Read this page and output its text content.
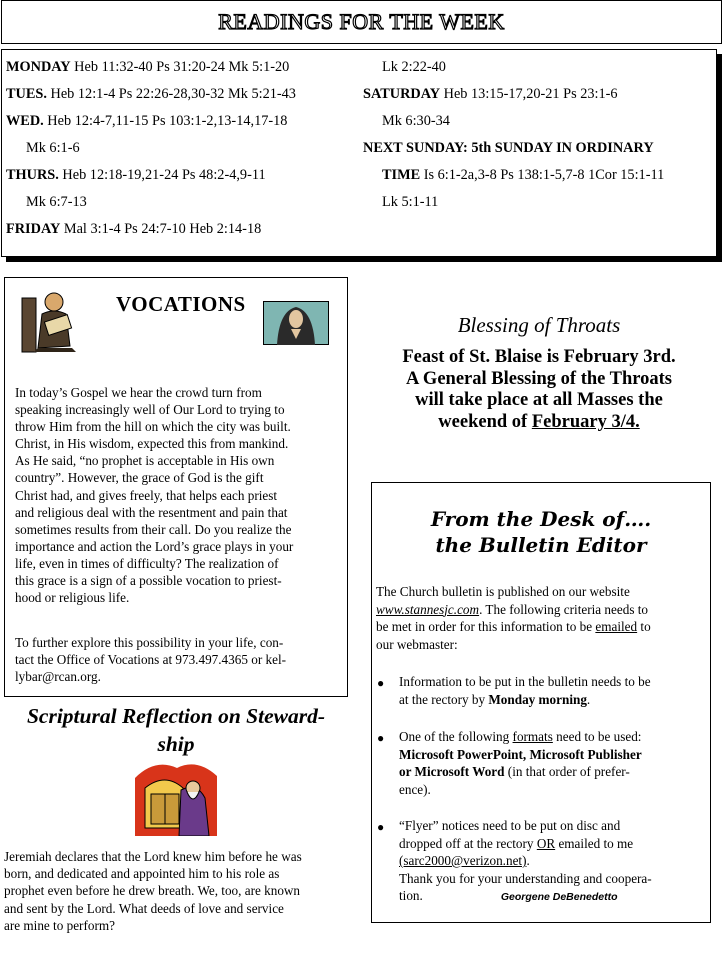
READINGS FOR THE WEEK
MONDAY Heb 11:32-40 Ps 31:20-24 Mk 5:1-20
TUES. Heb 12:1-4 Ps 22:26-28,30-32 Mk 5:21-43
WED. Heb 12:4-7,11-15 Ps 103:1-2,13-14,17-18
Mk 6:1-6
THURS. Heb 12:18-19,21-24 Ps 48:2-4,9-11
Mk 6:7-13
FRIDAY Mal 3:1-4 Ps 24:7-10 Heb 2:14-18
Lk 2:22-40
SATURDAY Heb 13:15-17,20-21 Ps 23:1-6
Mk 6:30-34
NEXT SUNDAY: 5th SUNDAY IN ORDINARY
TIME Is 6:1-2a,3-8 Ps 138:1-5,7-8 1Cor 15:1-11
Lk 5:1-11
VOCATIONS
In today’s Gospel we hear the crowd turn from
speaking increasingly well of Our Lord to trying to
throw Him from the hill on which the city was built.
Christ, in His wisdom, expected this from mankind.
As He said, “no prophet is acceptable in His own
country”. However, the grace of God is the gift
Christ had, and gives freely, that helps each priest
and religious deal with the resentment and pain that
sometimes results from their call. Do you realize the
importance and action the Lord’s grace plays in your
life, even in times of difficulty? The realization of
this grace is a sign of a possible vocation to priest-
hood or religious life.
To further explore this possibility in your life, con-
tact the Office of Vocations at 973.497.4365 or kel-
lybar@rcan.org.
Scriptural Reflection on Steward-
ship
Jeremiah declares that the Lord knew him before he was
born, and dedicated and appointed him to his role as
prophet even before he drew breath. We, too, are known
and sent by the Lord. What deeds of love and service
are mine to perform?
Blessing of Throats
Feast of St. Blaise is February 3rd.
A General Blessing of the Throats
will take place at all Masses the
weekend of February 3/4.
From the Desk of….
the Bulletin Editor
The Church bulletin is published on our website
www.stannesjc.com. The following criteria needs to
be met in order for this information to be emailed to
our webmaster:
● Information to be put in the bulletin needs to be
at the rectory by Monday morning.
● One of the following formats need to be used:
Microsoft PowerPoint, Microsoft Publisher
or Microsoft Word (in that order of prefer-
ence).
● “Flyer” notices need to be put on disc and
dropped off at the rectory OR emailed to me
(sarc2000@verizon.net).
Thank you for your understanding and coopera-
tion.	Georgene DeBenedetto
